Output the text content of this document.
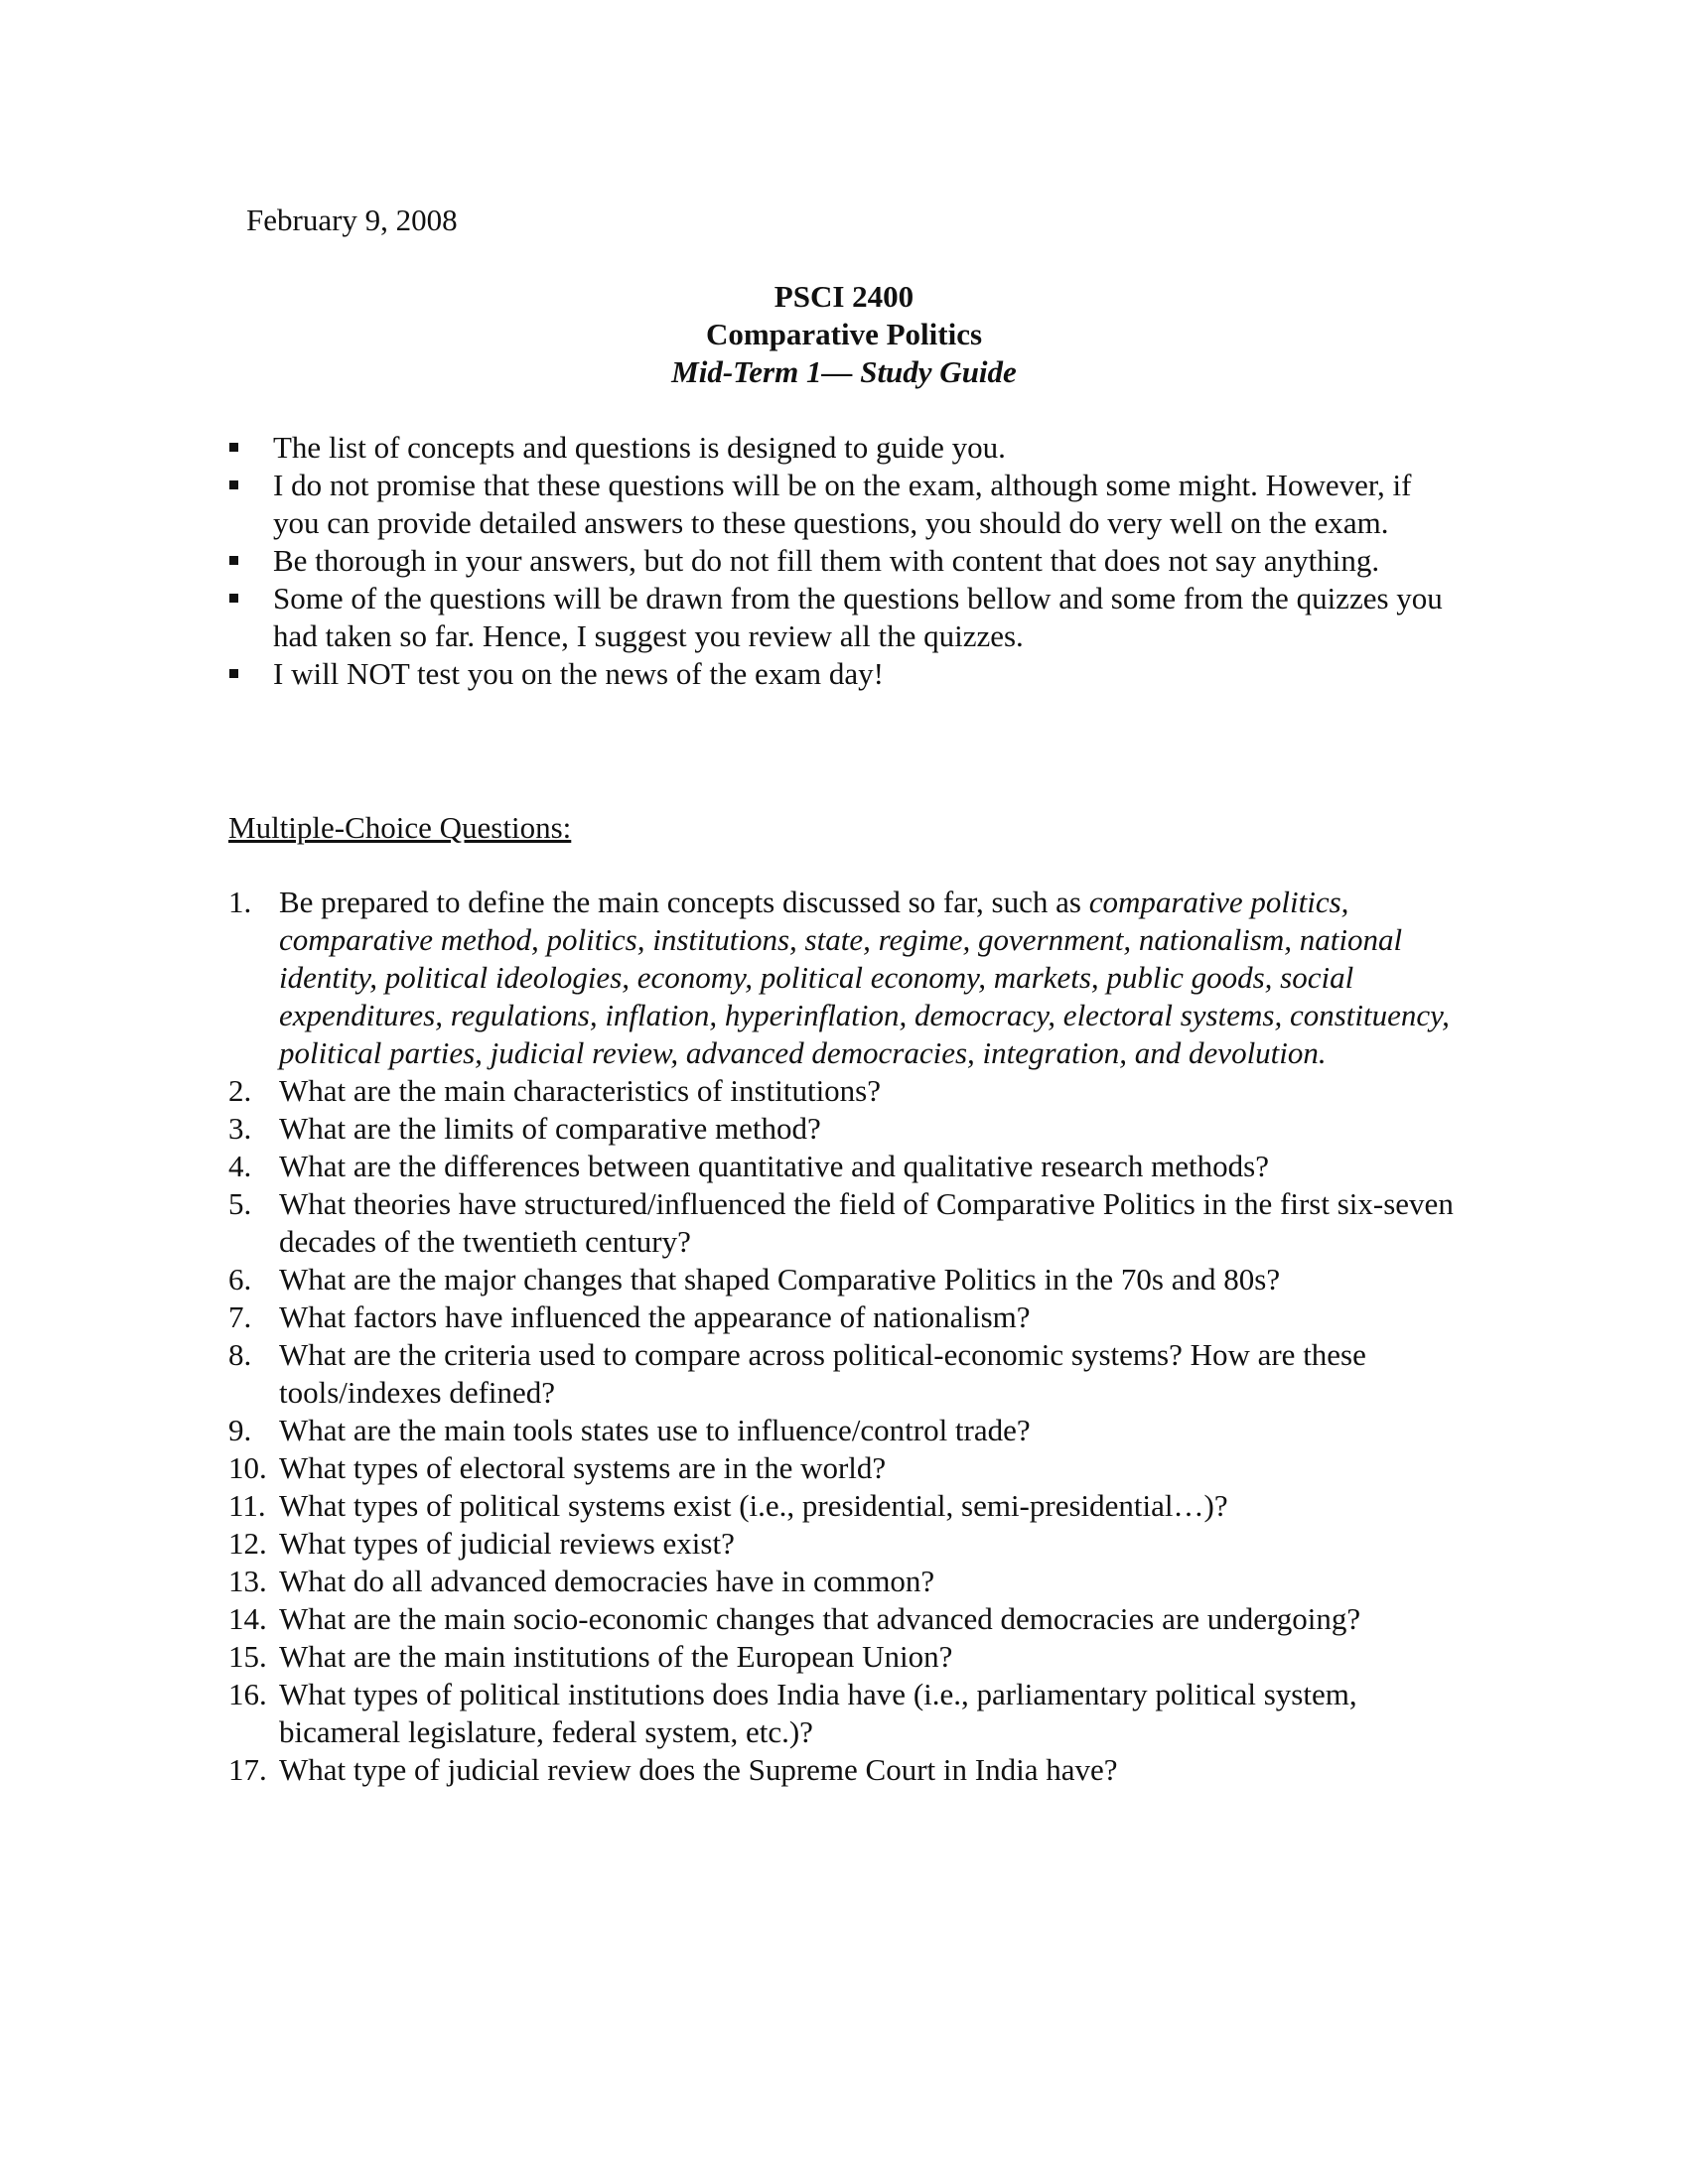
February 9, 2008
PSCI 2400
Comparative Politics
Mid-Term 1— Study Guide
The list of concepts and questions is designed to guide you.
I do not promise that these questions will be on the exam, although some might. However, if you can provide detailed answers to these questions, you should do very well on the exam.
Be thorough in your answers, but do not fill them with content that does not say anything.
Some of the questions will be drawn from the questions bellow and some from the quizzes you had taken so far. Hence, I suggest you review all the quizzes.
I will NOT test you on the news of the exam day!
Multiple-Choice Questions:
1. Be prepared to define the main concepts discussed so far, such as comparative politics, comparative method, politics, institutions, state, regime, government, nationalism, national identity, political ideologies, economy, political economy, markets, public goods, social expenditures, regulations, inflation, hyperinflation, democracy, electoral systems, constituency, political parties, judicial review, advanced democracies, integration, and devolution.
2. What are the main characteristics of institutions?
3. What are the limits of comparative method?
4. What are the differences between quantitative and qualitative research methods?
5. What theories have structured/influenced the field of Comparative Politics in the first six-seven decades of the twentieth century?
6. What are the major changes that shaped Comparative Politics in the 70s and 80s?
7. What factors have influenced the appearance of nationalism?
8. What are the criteria used to compare across political-economic systems? How are these tools/indexes defined?
9. What are the main tools states use to influence/control trade?
10. What types of electoral systems are in the world?
11. What types of political systems exist (i.e., presidential, semi-presidential…)?
12. What types of judicial reviews exist?
13. What do all advanced democracies have in common?
14. What are the main socio-economic changes that advanced democracies are undergoing?
15. What are the main institutions of the European Union?
16. What types of political institutions does India have (i.e., parliamentary political system, bicameral legislature, federal system, etc.)?
17. What type of judicial review does the Supreme Court in India have?
